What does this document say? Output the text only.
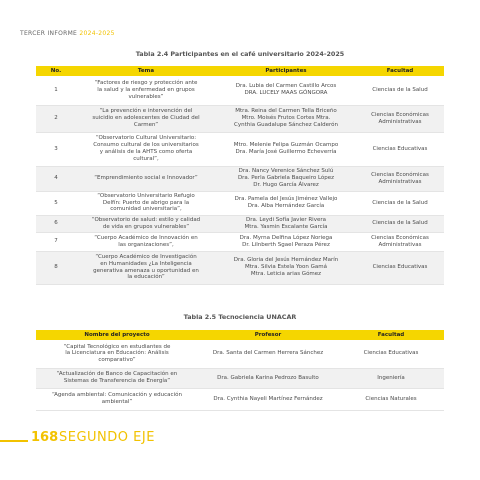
TERCER INFORME 2024-2025
Tabla 2.4 Participantes en el café universitario 2024-2025
No.	Tema	Participantes	Facultad
1	“Factores de riesgo y protección ante
la salud y la enfermedad en grupos
vulnerables”	Dra. Lubia del Carmen Castillo Arcos
DRA. LUCELY MAAS GÓNGORA	Ciencias de la Salud
2	“La prevención e intervención del
suicidio en adolescentes de Ciudad del
Carmen”	Mtra. Reina del Carmen Tella Briceño
Mtro. Moisés Frutos Cortes Mtra.
Cynthia Guadalupe Sánchez Calderón	Ciencias Económicas
Administrativas
3	“Observatorio Cultural Universitario:
Consumo cultural de los universitarios
y análisis de la AHTS como oferta
cultural”,	Mtro. Melenie Felipa Guzmán Ocampo
Dra. María José Guillermo Echeverría	Ciencias Educativas
4	“Emprendimiento social e Innovador”	Dra. Nancy Verenice Sánchez Sulú
Dra. Perla Gabriela Baqueiro López
Dr. Hugo García Álvarez	Ciencias Económicas
Administrativas
5	“Observatorio Universitario Refugio
Delfín: Puerto de abrigo para la
comunidad universitaria”,	Dra. Pamela del Jesús Jiménez Vallejo
Dra. Alba Hernández García	Ciencias de la Salud
6	“Observatorio de salud: estilo y calidad
de vida en grupos vulnerables”	Dra. Leydi Sofía Javier Rivera
Mtra. Yasmin Escalante García	Ciencias de la Salud
7	“Cuerpo Académico de Innovación en
las organizaciones”,	Dra. Myrna Delfina López Noriega
Dr. Lilnberth Sgael Peraza Pérez	Ciencias Económicas
Administrativas
8	“Cuerpo Académico de Investigación
en Humanidades ¿La Inteligencia
generativa amenaza u oportunidad en
la educación”	Dra. Gloria del Jesús Hernández Marín
Mtra. Silvia Estela Yoon Gamá
Mtra. Leticia arias Gómez	Ciencias Educativas
Tabla 2.5 Tecnociencia UNACAR
Nombre del proyecto	Profesor	Facultad
“Capital Tecnológico en estudiantes de
la Licenciatura en Educación: Análisis
comparativo”	Dra. Santa del Carmen Herrera Sánchez	Ciencias Educativas
“Actualización de Banco de Capacitación en
Sistemas de Transferencia de Energía”	Dra. Gabriela Karina Pedrozo Basulto	Ingeniería
“Agenda ambiental: Comunicación y educación
ambiental”	Dra. Cynthia Nayeli Martínez Fernández	Ciencias Naturales
168 SEGUNDO EJE
